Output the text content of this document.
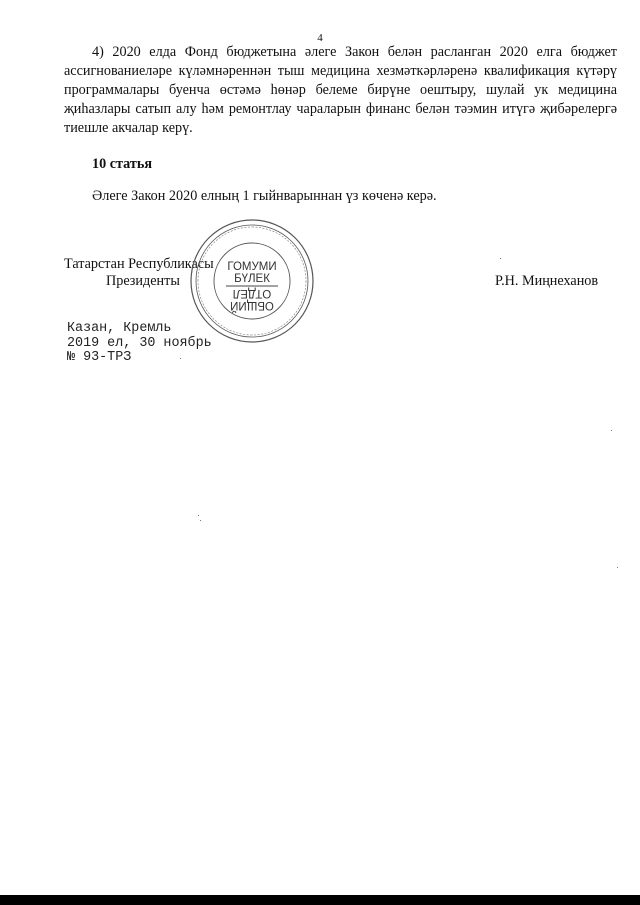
4

4) 2020 елда Фонд бюджетына әлеге Закон белән расланган 2020 елга бюджет ассигнованиеләре күләмнәреннән тыш медицина хезмәткәрләренә квалификация күтәрү программалары буенча өстәмә һөнәр белеме бирүне оештыру, шулай ук медицина җиһазлары сатып алу һәм ремонтлау чараларын финанс белән тәэмин итүгә җибәрелергә тиешле акчалар керү.

10 статья
Әлеге Закон 2020 елның 1 гыйнварыннан үз көченә керә.
Татарстан Республикасы
Президенты	Р.Н. Миңнеханов
ГОМУМИ
БҮЛЕК
ОБЩИЙ
ОТДЕЛ
Казан, Кремль
2019 ел, 30 ноябрь
№ 93-ТРЗ
